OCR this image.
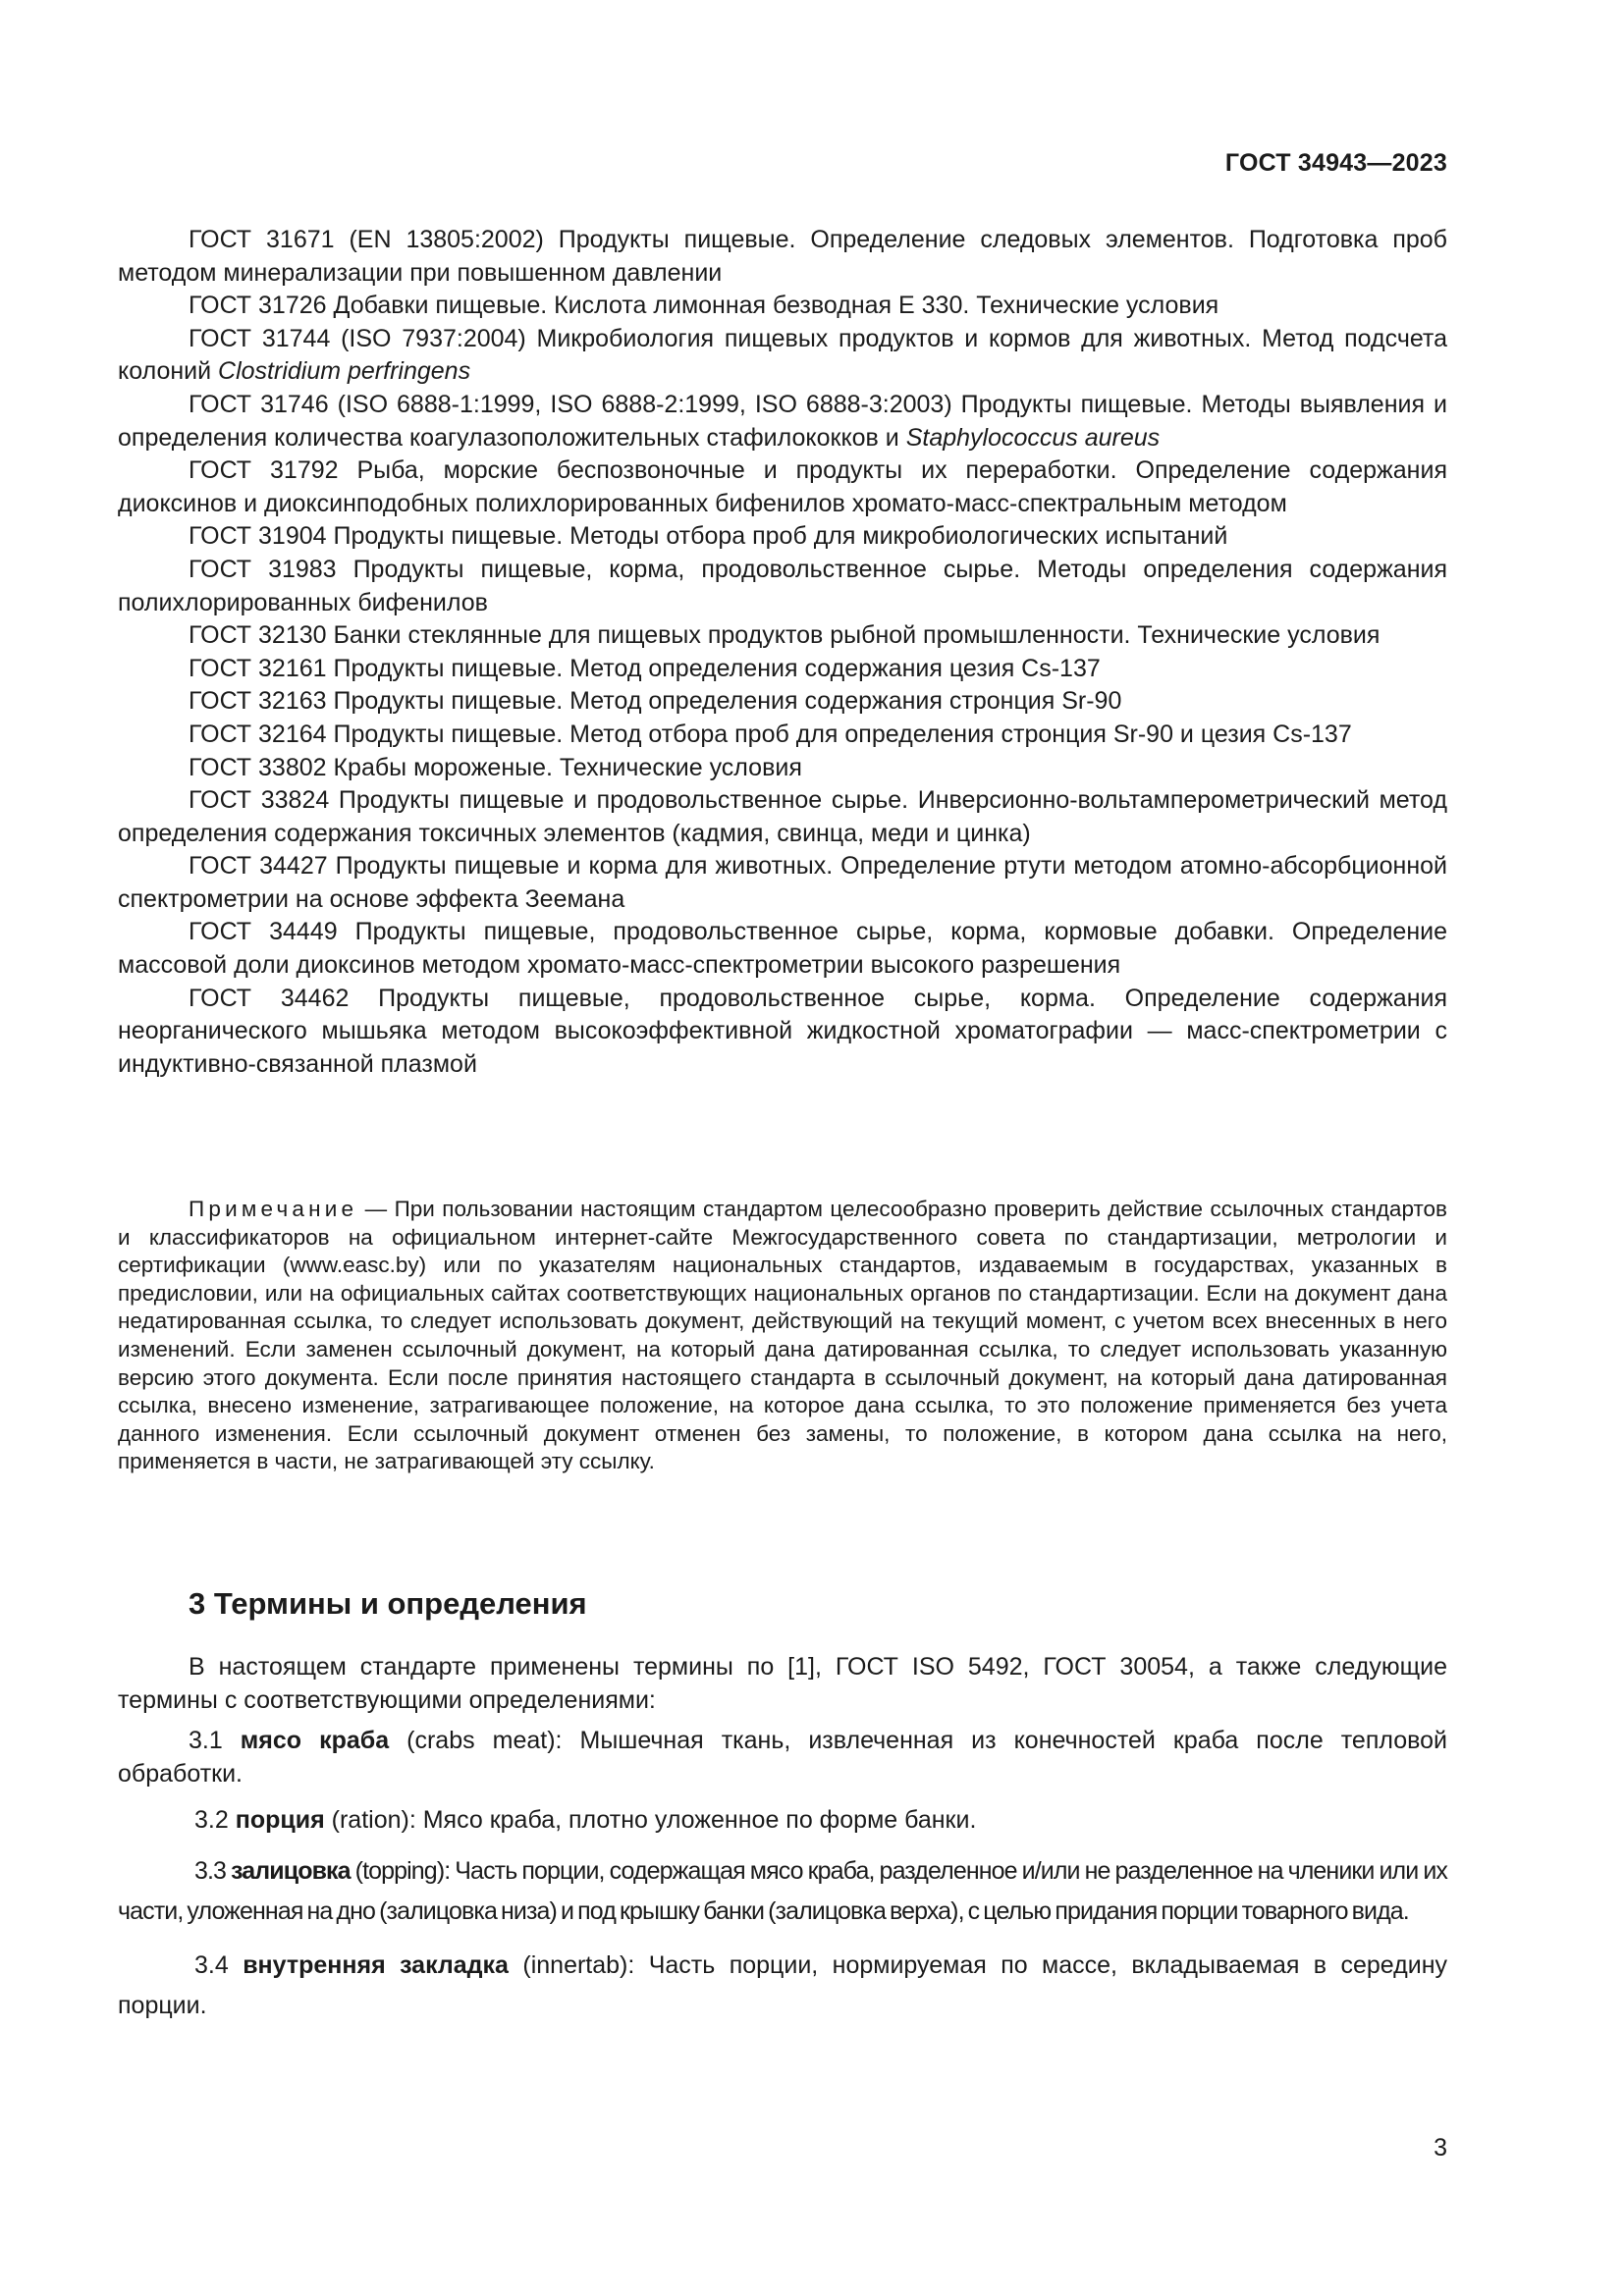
ГОСТ 34943—2023

ГОСТ 31671 (EN 13805:2002) Продукты пищевые. Определение следовых элементов. Подготовка проб методом минерализации при повышенном давлении

ГОСТ 31726 Добавки пищевые. Кислота лимонная безводная Е 330. Технические условия

ГОСТ 31744 (ISO 7937:2004) Микробиология пищевых продуктов и кормов для животных. Метод подсчета колоний Clostridium perfringens

ГОСТ 31746 (ISO 6888-1:1999, ISO 6888-2:1999, ISO 6888-3:2003) Продукты пищевые. Методы выявления и определения количества коагулазоположительных стафилококков и Staphylococcus aureus

ГОСТ 31792 Рыба, морские беспозвоночные и продукты их переработки. Определение содержания диоксинов и диоксинподобных полихлорированных бифенилов хромато-масс-спектральным методом

ГОСТ 31904 Продукты пищевые. Методы отбора проб для микробиологических испытаний

ГОСТ 31983 Продукты пищевые, корма, продовольственное сырье. Методы определения содержания полихлорированных бифенилов

ГОСТ 32130 Банки стеклянные для пищевых продуктов рыбной промышленности. Технические условия

ГОСТ 32161 Продукты пищевые. Метод определения содержания цезия Cs-137

ГОСТ 32163 Продукты пищевые. Метод определения содержания стронция Sr-90

ГОСТ 32164 Продукты пищевые. Метод отбора проб для определения стронция Sr-90 и цезия Cs-137

ГОСТ 33802 Крабы мороженые. Технические условия

ГОСТ 33824 Продукты пищевые и продовольственное сырье. Инверсионно-вольтамперометрический метод определения содержания токсичных элементов (кадмия, свинца, меди и цинка)

ГОСТ 34427 Продукты пищевые и корма для животных. Определение ртути методом атомно-абсорбционной спектрометрии на основе эффекта Зеемана

ГОСТ 34449 Продукты пищевые, продовольственное сырье, корма, кормовые добавки. Определение массовой доли диоксинов методом хромато-масс-спектрометрии высокого разрешения

ГОСТ 34462 Продукты пищевые, продовольственное сырье, корма. Определение содержания неорганического мышьяка методом высокоэффективной жидкостной хроматографии — масс-спектрометрии с индуктивно-связанной плазмой

Примечание — При пользовании настоящим стандартом целесообразно проверить действие ссылочных стандартов и классификаторов на официальном интернет-сайте Межгосударственного совета по стандартизации, метрологии и сертификации (www.easc.by) или по указателям национальных стандартов, издаваемым в государствах, указанных в предисловии, или на официальных сайтах соответствующих национальных органов по стандартизации. Если на документ дана недатированная ссылка, то следует использовать документ, действующий на текущий момент, с учетом всех внесенных в него изменений. Если заменен ссылочный документ, на который дана датированная ссылка, то следует использовать указанную версию этого документа. Если после принятия настоящего стандарта в ссылочный документ, на который дана датированная ссылка, внесено изменение, затрагивающее положение, на которое дана ссылка, то это положение применяется без учета данного изменения. Если ссылочный документ отменен без замены, то положение, в котором дана ссылка на него, применяется в части, не затрагивающей эту ссылку.

3 Термины и определения

В настоящем стандарте применены термины по [1], ГОСТ ISO 5492, ГОСТ 30054, а также следующие термины с соответствующими определениями:

3.1 мясо краба (crabs meat): Мышечная ткань, извлеченная из конечностей краба после тепловой обработки.

3.2 порция (ration): Мясо краба, плотно уложенное по форме банки.

3.3 залицовка (topping): Часть порции, содержащая мясо краба, разделенное и/или не разделенное на членики или их части, уложенная на дно (залицовка низа) и под крышку банки (залицовка верха), с целью придания порции товарного вида.

3.4 внутренняя закладка (innertab): Часть порции, нормируемая по массе, вкладываемая в середину порции.

3
